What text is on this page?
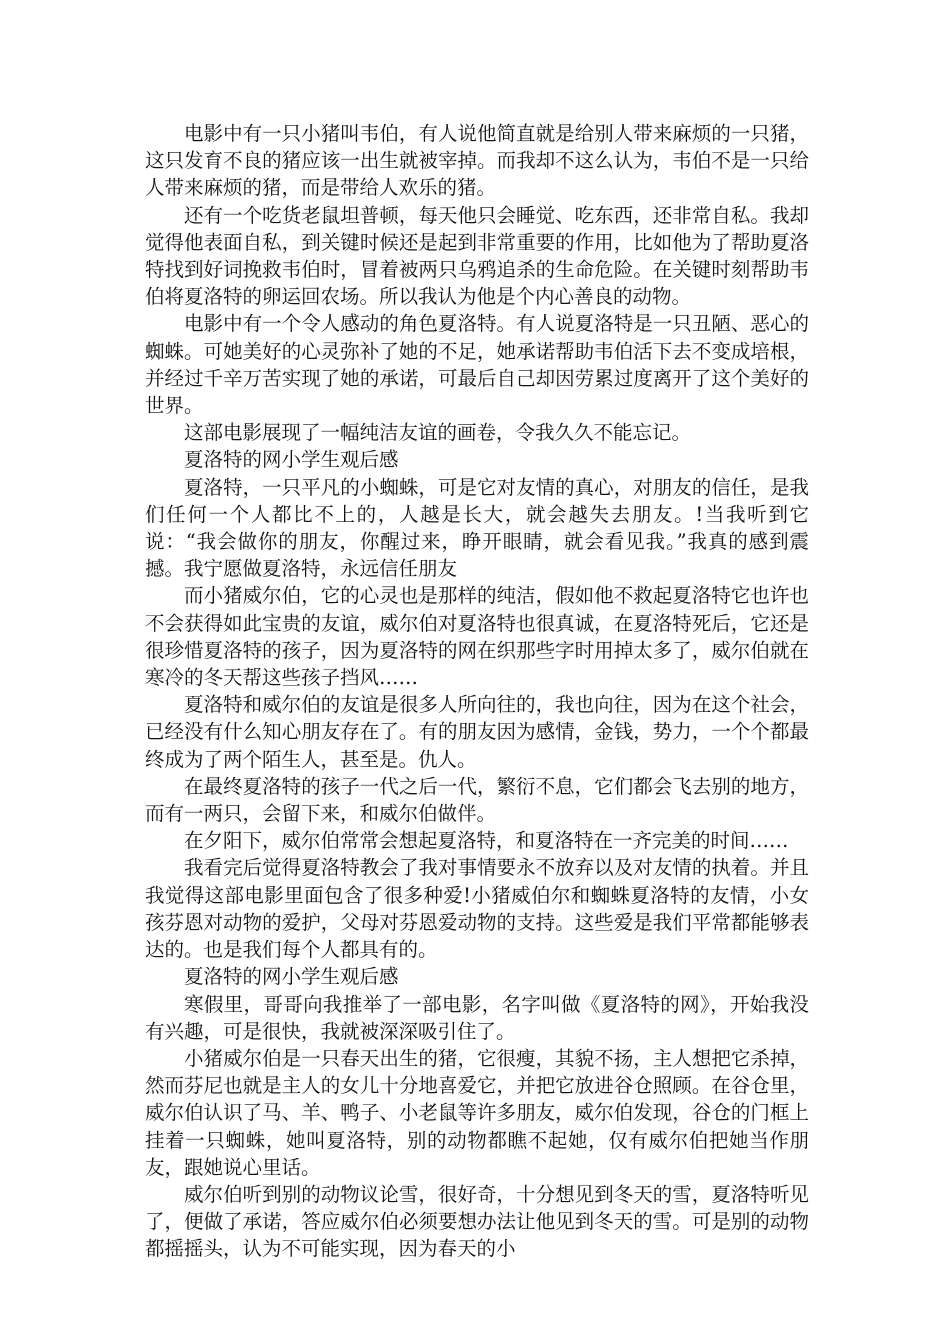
电影中有一只小猪叫韦伯，有人说他简直就是给别人带来麻烦的一只猪，这只发育不良的猪应该一出生就被宰掉。而我却不这么认为，韦伯不是一只给人带来麻烦的猪，而是带给人欢乐的猪。

还有一个吃货老鼠坦普顿，每天他只会睡觉、吃东西，还非常自私。我却觉得他表面自私，到关键时候还是起到非常重要的作用，比如他为了帮助夏洛特找到好词挽救韦伯时，冒着被两只乌鸦追杀的生命危险。在关键时刻帮助韦伯将夏洛特的卵运回农场。所以我认为他是个内心善良的动物。

电影中有一个令人感动的角色夏洛特。有人说夏洛特是一只丑陋、恶心的蜘蛛。可她美好的心灵弥补了她的不足，她承诺帮助韦伯活下去不变成培根，并经过千辛万苦实现了她的承诺，可最后自己却因劳累过度离开了这个美好的世界。

这部电影展现了一幅纯洁友谊的画卷，令我久久不能忘记。

夏洛特的网小学生观后感

夏洛特，一只平凡的小蜘蛛，可是它对友情的真心，对朋友的信任，是我们任何一个人都比不上的，人越是长大，就会越失去朋友。!当我听到它说：“我会做你的朋友，你醒过来，睁开眼睛，就会看见我。”我真的感到震撼。我宁愿做夏洛特，永远信任朋友

而小猪威尔伯，它的心灵也是那样的纯洁，假如他不救起夏洛特它也许也不会获得如此宝贵的友谊，威尔伯对夏洛特也很真诚，在夏洛特死后，它还是很珍惜夏洛特的孩子，因为夏洛特的网在织那些字时用掉太多了，威尔伯就在寒冷的冬天帮这些孩子挡风……

夏洛特和威尔伯的友谊是很多人所向往的，我也向往，因为在这个社会，已经没有什么知心朋友存在了。有的朋友因为感情，金钱，势力，一个个都最终成为了两个陌生人，甚至是。仇人。

在最终夏洛特的孩子一代之后一代，繁衍不息，它们都会飞去别的地方，而有一两只，会留下来，和威尔伯做伴。

在夕阳下，威尔伯常常会想起夏洛特，和夏洛特在一齐完美的时间……

我看完后觉得夏洛特教会了我对事情要永不放弃以及对友情的执着。并且我觉得这部电影里面包含了很多种爱!小猪威伯尔和蜘蛛夏洛特的友情，小女孩芬恩对动物的爱护，父母对芬恩爱动物的支持。这些爱是我们平常都能够表达的。也是我们每个人都具有的。

夏洛特的网小学生观后感

寒假里，哥哥向我推举了一部电影，名字叫做《夏洛特的网》，开始我没有兴趣，可是很快，我就被深深吸引住了。

小猪威尔伯是一只春天出生的猪，它很瘦，其貌不扬，主人想把它杀掉，然而芬尼也就是主人的女儿十分地喜爱它，并把它放进谷仓照顾。在谷仓里，威尔伯认识了马、羊、鸭子、小老鼠等许多朋友，威尔伯发现，谷仓的门框上挂着一只蜘蛛，她叫夏洛特，别的动物都瞧不起她，仅有威尔伯把她当作朋友，跟她说心里话。

威尔伯听到别的动物议论雪，很好奇，十分想见到冬天的雪，夏洛特听见了，便做了承诺，答应威尔伯必须要想办法让他见到冬天的雪。可是别的动物都摇摇头，认为不可能实现，因为春天的小
